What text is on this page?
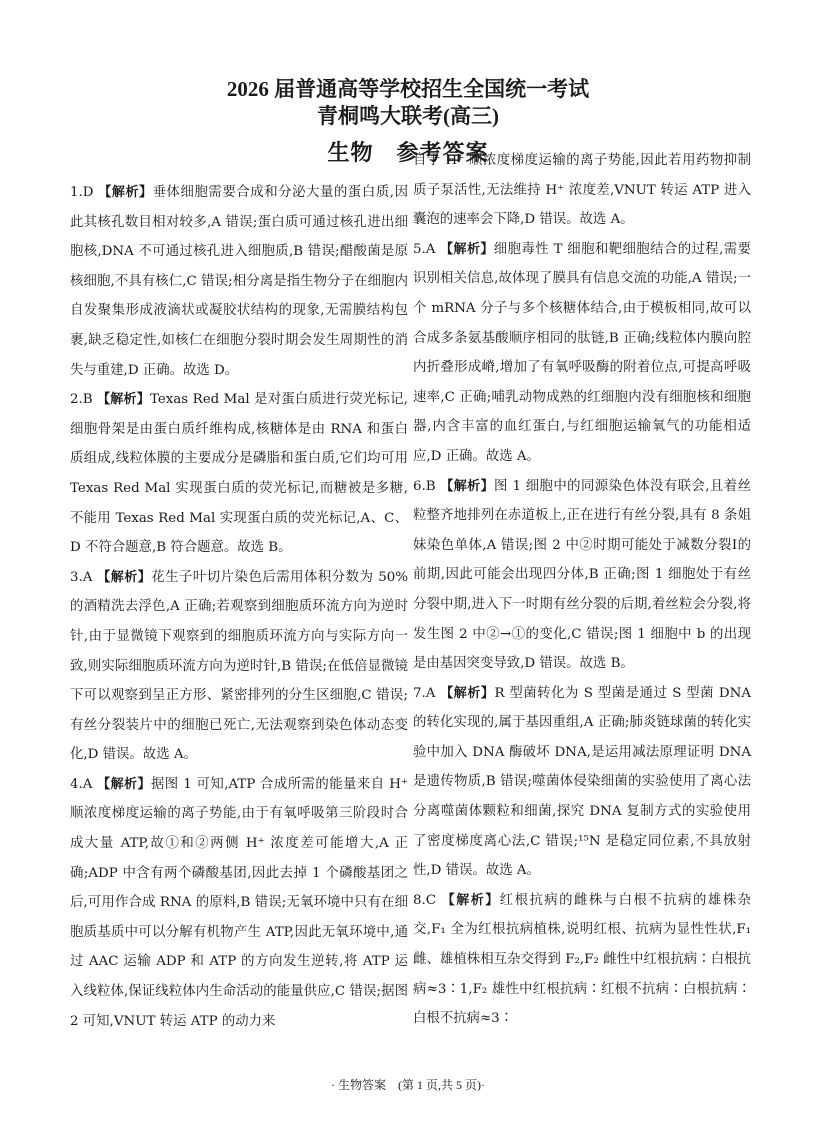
2026 届普通高等学校招生全国统一考试
青桐鸣大联考(高三)
生物　参考答案
1.D 【解析】垂体细胞需要合成和分泌大量的蛋白质,因此其核孔数目相对较多,A 错误;蛋白质可通过核孔进出细胞核,DNA 不可通过核孔进入细胞质,B 错误;醋酸菌是原核细胞,不具有核仁,C 错误;相分离是指生物分子在细胞内自发聚集形成液滴状或凝胶状结构的现象,无需膜结构包裹,缺乏稳定性,如核仁在细胞分裂时期会发生周期性的消失与重建,D 正确。故选 D。
2.B 【解析】Texas Red Mal 是对蛋白质进行荧光标记,细胞骨架是由蛋白质纤维构成,核糖体是由 RNA 和蛋白质组成,线粒体膜的主要成分是磷脂和蛋白质,它们均可用 Texas Red Mal 实现蛋白质的荧光标记,而糖被是多糖,不能用 Texas Red Mal 实现蛋白质的荧光标记,A、C、D 不符合题意,B 符合题意。故选 B。
3.A 【解析】花生子叶切片染色后需用体积分数为 50% 的酒精洗去浮色,A 正确;若观察到细胞质环流方向为逆时针,由于显微镜下观察到的细胞质环流方向与实际方向一致,则实际细胞质环流方向为逆时针,B 错误;在低倍显微镜下可以观察到呈正方形、紧密排列的分生区细胞,C 错误;有丝分裂装片中的细胞已死亡,无法观察到染色体动态变化,D 错误。故选 A。
4.A 【解析】据图 1 可知,ATP 合成所需的能量来自 H⁺ 顺浓度梯度运输的离子势能,由于有氧呼吸第三阶段时合成大量 ATP,故①和②两侧 H⁺ 浓度差可能增大,A 正确;ADP 中含有两个磷酸基团,因此去掉 1 个磷酸基团之后,可用作合成 RNA 的原料,B 错误;无氧环境中只有在细胞质基质中可以分解有机物产生 ATP,因此无氧环境中,通过 AAC 运输 ADP 和 ATP 的方向发生逆转,将 ATP 运入线粒体,保证线粒体内生命活动的能量供应,C 错误;据图 2 可知,VNUT 转运 ATP 的动力来
自于 H⁺ 顺浓度梯度运输的离子势能,因此若用药物抑制质子泵活性,无法维持 H⁺ 浓度差,VNUT 转运 ATP 进入囊泡的速率会下降,D 错误。故选 A。
5.A 【解析】细胞毒性 T 细胞和靶细胞结合的过程,需要识别相关信息,故体现了膜具有信息交流的功能,A 错误;一个 mRNA 分子与多个核糖体结合,由于模板相同,故可以合成多条氨基酸顺序相同的肽链,B 正确;线粒体内膜向腔内折叠形成嵴,增加了有氧呼吸酶的附着位点,可提高呼吸速率,C 正确;哺乳动物成熟的红细胞内没有细胞核和细胞器,内含丰富的血红蛋白,与红细胞运输氧气的功能相适应,D 正确。故选 A。
6.B 【解析】图 1 细胞中的同源染色体没有联会,且着丝粒整齐地排列在赤道板上,正在进行有丝分裂,具有 8 条姐妹染色单体,A 错误;图 2 中②时期可能处于减数分裂Ⅰ的前期,因此可能会出现四分体,B 正确;图 1 细胞处于有丝分裂中期,进入下一时期有丝分裂的后期,着丝粒会分裂,将发生图 2 中②→①的变化,C 错误;图 1 细胞中 b 的出现是由基因突变导致,D 错误。故选 B。
7.A 【解析】R 型菌转化为 S 型菌是通过 S 型菌 DNA 的转化实现的,属于基因重组,A 正确;肺炎链球菌的转化实验中加入 DNA 酶破坏 DNA,是运用减法原理证明 DNA 是遗传物质,B 错误;噬菌体侵染细菌的实验使用了离心法分离噬菌体颗粒和细菌,探究 DNA 复制方式的实验使用了密度梯度离心法,C 错误;¹⁵N 是稳定同位素,不具放射性,D 错误。故选 A。
8.C 【解析】红根抗病的雌株与白根不抗病的雄株杂交,F₁ 全为红根抗病植株,说明红根、抗病为显性性状,F₁ 雌、雄植株相互杂交得到 F₂,F₂ 雌性中红根抗病∶白根抗病≈3∶1,F₂ 雄性中红根抗病∶红根不抗病∶白根抗病∶白根不抗病≈3∶
· 生物答案　(第 1 页,共 5 页)·
